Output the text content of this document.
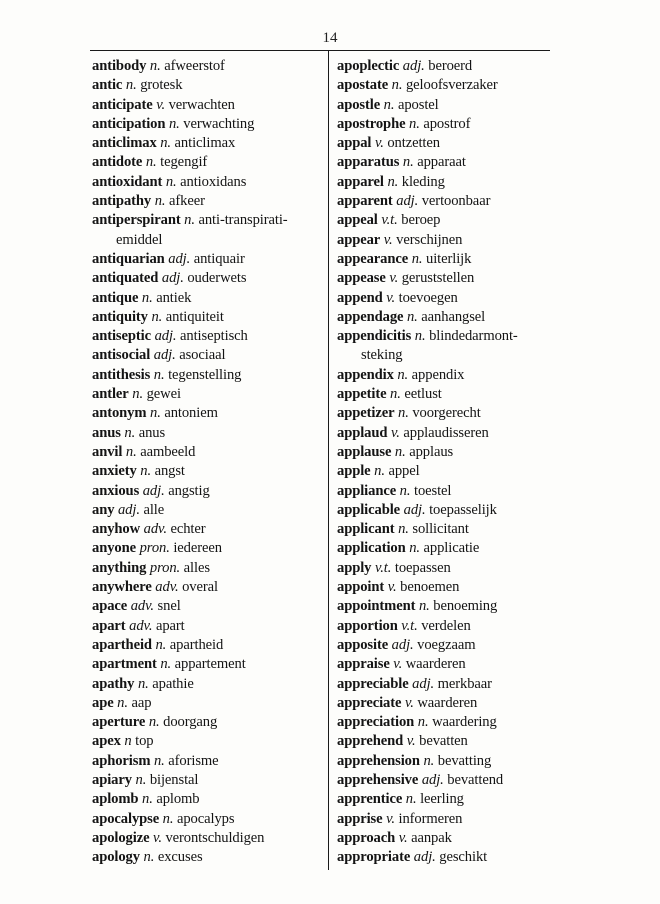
14
antibody n. afweerstof
antic n. grotesk
anticipate v. verwachten
anticipation n. verwachting
anticlimax n. anticlimax
antidote n. tegengif
antioxidant n. antioxidans
antipathy n. afkeer
antiperspirant n. anti-transpirati-
emiddel
antiquarian adj. antiquair
antiquated adj. ouderwets
antique n. antiek
antiquity n. antiquiteit
antiseptic adj. antiseptisch
antisocial adj. asociaal
antithesis n. tegenstelling
antler n. gewei
antonym n. antoniem
anus n. anus
anvil n. aambeeld
anxiety n. angst
anxious adj. angstig
any adj. alle
anyhow adv. echter
anyone pron. iedereen
anything pron. alles
anywhere adv. overal
apace adv. snel
apart adv. apart
apartheid n. apartheid
apartment n. appartement
apathy n. apathie
ape n. aap
aperture n. doorgang
apex n top
aphorism n. aforisme
apiary n. bijenstal
aplomb n. aplomb
apocalypse n. apocalyps
apologize v. verontschuldigen
apology n. excuses
apoplectic adj. beroerd
apostate n. geloofsverzaker
apostle n. apostel
apostrophe n. apostrof
appal v. ontzetten
apparatus n. apparaat
apparel n. kleding
apparent adj. vertoonbaar
appeal v.t. beroep
appear v. verschijnen
appearance n. uiterlijk
appease v. geruststellen
append v. toevoegen
appendage n. aanhangsel
appendicitis n. blindedarmont-
steking
appendix n. appendix
appetite n. eetlust
appetizer n. voorgerecht
applaud v. applaudisseren
applause n. applaus
apple n. appel
appliance n. toestel
applicable adj. toepasselijk
applicant n. sollicitant
application n. applicatie
apply v.t. toepassen
appoint v. benoemen
appointment n. benoeming
apportion v.t. verdelen
apposite adj. voegzaam
appraise v. waarderen
appreciable adj. merkbaar
appreciate v. waarderen
appreciation n. waardering
apprehend v. bevatten
apprehension n. bevatting
apprehensive adj. bevattend
apprentice n. leerling
apprise v. informeren
approach v. aanpak
appropriate adj. geschikt
